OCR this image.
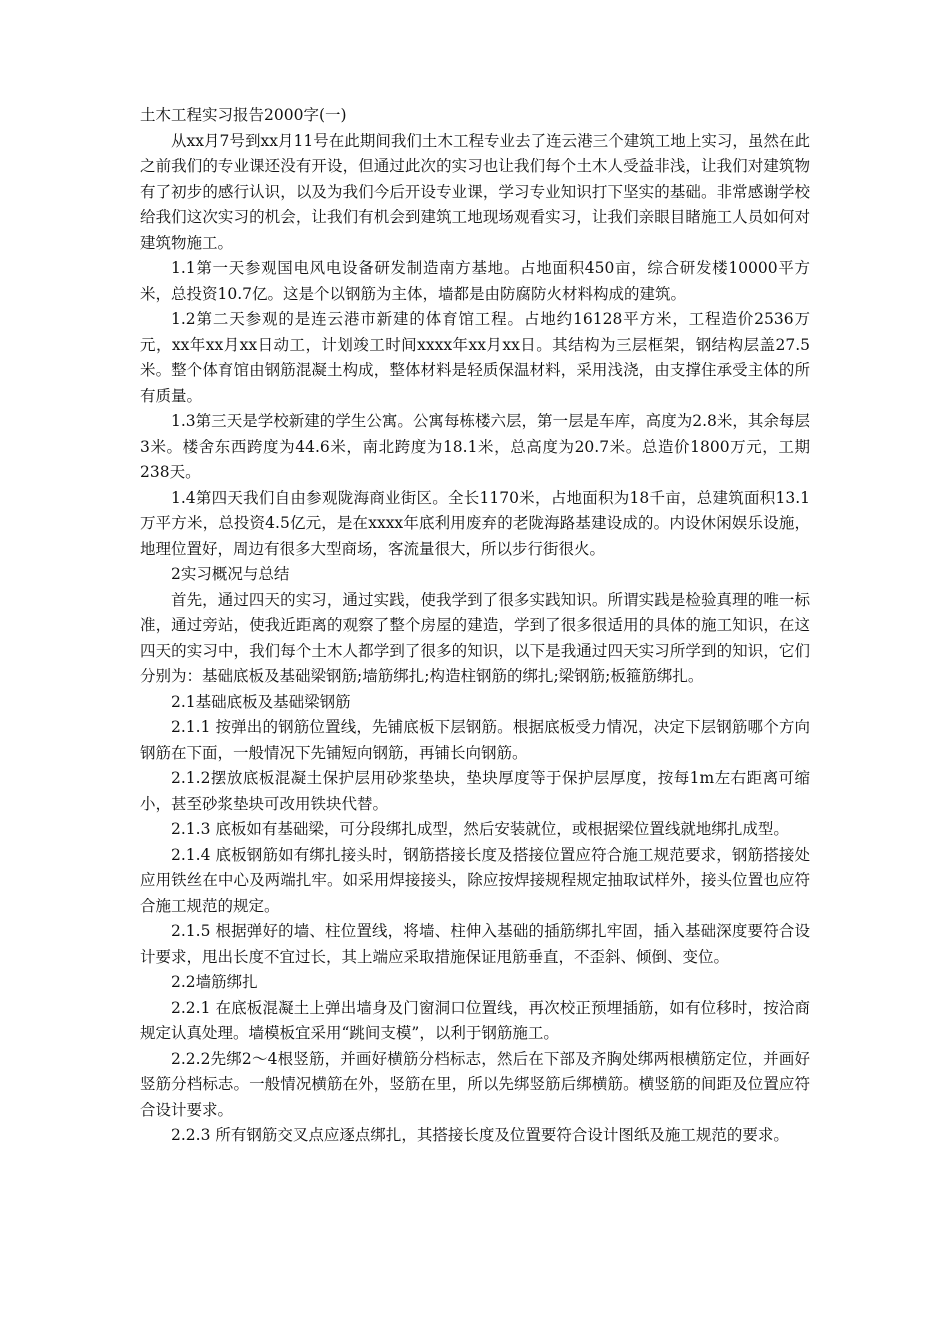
土木工程实习报告2000字(一)

从xx月7号到xx月11号在此期间我们土木工程专业去了连云港三个建筑工地上实习，虽然在此之前我们的专业课还没有开设，但通过此次的实习也让我们每个土木人受益非浅，让我们对建筑物有了初步的感行认识，以及为我们今后开设专业课，学习专业知识打下坚实的基础。非常感谢学校给我们这次实习的机会，让我们有机会到建筑工地现场观看实习，让我们亲眼目睹施工人员如何对建筑物施工。

1.1第一天参观国电风电设备研发制造南方基地。占地面积450亩，综合研发楼10000平方米，总投资10.7亿。这是个以钢筋为主体，墙都是由防腐防火材料构成的建筑。

1.2第二天参观的是连云港市新建的体育馆工程。占地约16128平方米，工程造价2536万元，xx年xx月xx日动工，计划竣工时间xxxx年xx月xx日。其结构为三层框架，钢结构层盖27.5米。整个体育馆由钢筋混凝土构成，整体材料是轻质保温材料，采用浅浇，由支撑住承受主体的所有质量。

1.3第三天是学校新建的学生公寓。公寓每栋楼六层，第一层是车库，高度为2.8米，其余每层3米。楼舍东西跨度为44.6米，南北跨度为18.1米，总高度为20.7米。总造价1800万元，工期238天。

1.4第四天我们自由参观陇海商业街区。全长1170米，占地面积为18千亩，总建筑面积13.1万平方米，总投资4.5亿元，是在xxxx年底利用废弃的老陇海路基建设成的。内设休闲娱乐设施，地理位置好，周边有很多大型商场，客流量很大，所以步行街很火。

2实习概况与总结

首先，通过四天的实习，通过实践，使我学到了很多实践知识。所谓实践是检验真理的唯一标准，通过旁站，使我近距离的观察了整个房屋的建造，学到了很多很适用的具体的施工知识，在这四天的实习中，我们每个土木人都学到了很多的知识，以下是我通过四天实习所学到的知识，它们分别为：基础底板及基础梁钢筋;墙筋绑扎;构造柱钢筋的绑扎;梁钢筋;板箍筋绑扎。

2.1基础底板及基础梁钢筋

2.1.1 按弹出的钢筋位置线，先铺底板下层钢筋。根据底板受力情况，决定下层钢筋哪个方向钢筋在下面，一般情况下先铺短向钢筋，再铺长向钢筋。

2.1.2摆放底板混凝土保护层用砂浆垫块，垫块厚度等于保护层厚度，按每1m左右距离可缩小，甚至砂浆垫块可改用铁块代替。

2.1.3 底板如有基础梁，可分段绑扎成型，然后安装就位，或根据梁位置线就地绑扎成型。

2.1.4 底板钢筋如有绑扎接头时，钢筋搭接长度及搭接位置应符合施工规范要求，钢筋搭接处应用铁丝在中心及两端扎牢。如采用焊接接头，除应按焊接规程规定抽取试样外，接头位置也应符合施工规范的规定。

2.1.5 根据弹好的墙、柱位置线，将墙、柱伸入基础的插筋绑扎牢固，插入基础深度要符合设计要求，甩出长度不宜过长，其上端应采取措施保证甩筋垂直，不歪斜、倾倒、变位。

2.2墙筋绑扎

2.2.1 在底板混凝土上弹出墙身及门窗洞口位置线，再次校正预埋插筋，如有位移时，按洽商规定认真处理。墙模板宜采用“跳间支模”，以利于钢筋施工。

2.2.2先绑2～4根竖筋，并画好横筋分档标志，然后在下部及齐胸处绑两根横筋定位，并画好竖筋分档标志。一般情况横筋在外，竖筋在里，所以先绑竖筋后绑横筋。横竖筋的间距及位置应符合设计要求。

2.2.3 所有钢筋交叉点应逐点绑扎，其搭接长度及位置要符合设计图纸及施工规范的要求。
